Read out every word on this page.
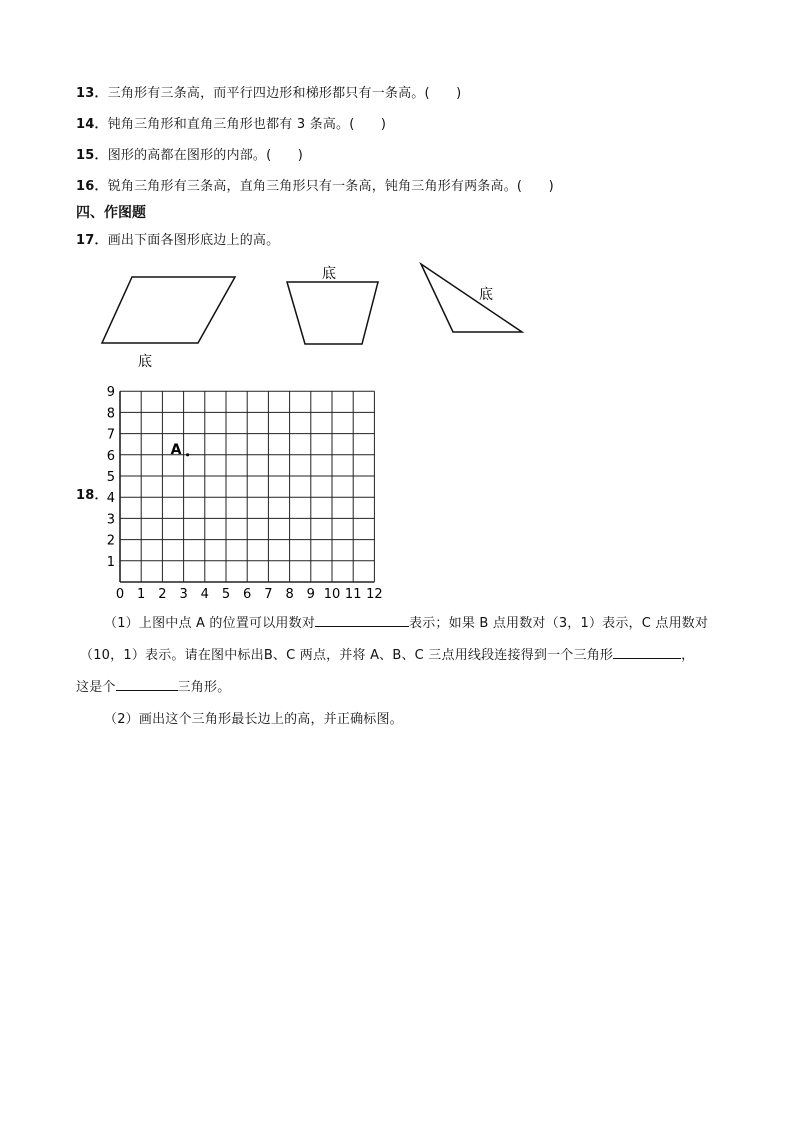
13．三角形有三条高，而平行四边形和梯形都只有一条高。(　　)
14．钝角三角形和直角三角形也都有 3 条高。(　　)
15．图形的高都在图形的内部。(　　)
16．锐角三角形有三条高，直角三角形只有一条高，钝角三角形有两条高。(　　)
四、作图题
17．画出下面各图形底边上的高。
底
底
底
18．
0 1 2 3 4 5 6 7 8 9 10 11 12
1
2
3
4
5
6
7
8
9
A
（1）上图中点 A 的位置可以用数对	表示；如果 B 点用数对（3，1）表示，C 点用数对
（10，1）表示。请在图中标出B、C 两点，并将 A、B、C 三点用线段连接得到一个三角形	，
这是个	三角形。
（2）画出这个三角形最长边上的高，并正确标图。
